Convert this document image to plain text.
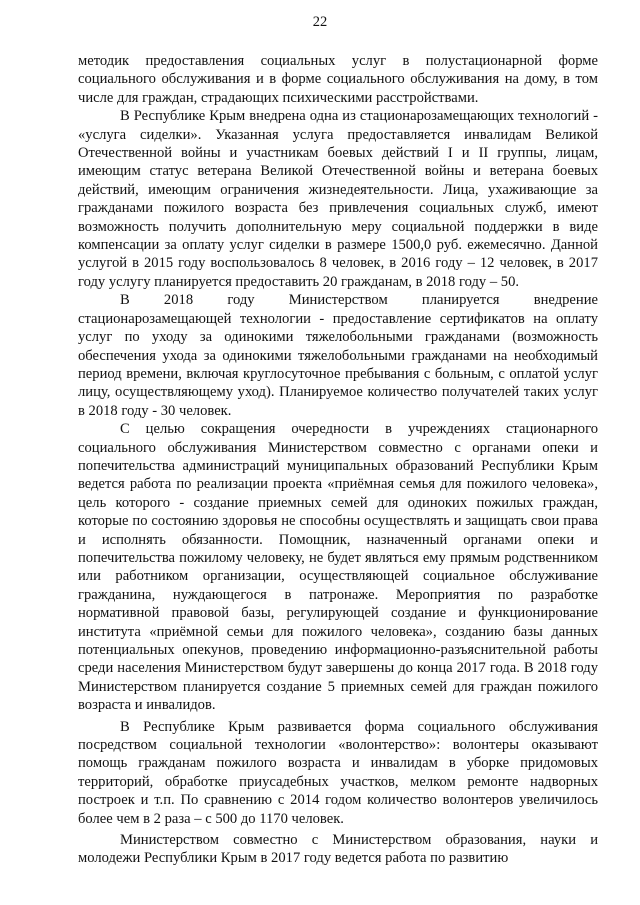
22

методик предоставления социальных услуг в полустационарной форме социального обслуживания и в форме социального обслуживания на дому, в том числе для граждан, страдающих психическими расстройствами.

В Республике Крым внедрена одна из стационарозамещающих технологий - «услуга сиделки». Указанная услуга предоставляется инвалидам Великой Отечественной войны и участникам боевых действий I и II группы, лицам, имеющим статус ветерана Великой Отечественной войны и ветерана боевых действий, имеющим ограничения жизнедеятельности. Лица, ухаживающие за гражданами пожилого возраста без привлечения социальных служб, имеют возможность получить дополнительную меру социальной поддержки в виде компенсации за оплату услуг сиделки в размере 1500,0 руб. ежемесячно. Данной услугой в 2015 году воспользовалось 8 человек, в 2016 году – 12 человек, в 2017 году услугу планируется предоставить 20 гражданам, в 2018 году – 50.

В 2018 году Министерством планируется внедрение стационарозамещающей технологии - предоставление сертификатов на оплату услуг по уходу за одинокими тяжелобольными гражданами (возможность обеспечения ухода за одинокими тяжелобольными гражданами на необходимый период времени, включая круглосуточное пребывания с больным, с оплатой услуг лицу, осуществляющему уход). Планируемое количество получателей таких услуг в 2018 году - 30 человек.

С целью сокращения очередности в учреждениях стационарного социального обслуживания Министерством совместно с органами опеки и попечительства администраций муниципальных образований Республики Крым ведется работа по реализации проекта «приёмная семья для пожилого человека», цель которого - создание приемных семей для одиноких пожилых граждан, которые по состоянию здоровья не способны осуществлять и защищать свои права и исполнять обязанности. Помощник, назначенный органами опеки и попечительства пожилому человеку, не будет являться ему прямым родственником или работником организации, осуществляющей социальное обслуживание гражданина, нуждающегося в патронаже. Мероприятия по разработке нормативной правовой базы, регулирующей создание и функционирование института «приёмной семьи для пожилого человека», созданию базы данных потенциальных опекунов, проведению информационно-разъяснительной работы среди населения Министерством будут завершены до конца 2017 года. В 2018 году Министерством планируется создание 5 приемных семей для граждан пожилого возраста и инвалидов.

В Республике Крым развивается форма социального обслуживания посредством социальной технологии «волонтерство»: волонтеры оказывают помощь гражданам пожилого возраста и инвалидам в уборке придомовых территорий, обработке приусадебных участков, мелком ремонте надворных построек и т.п. По сравнению с 2014 годом количество волонтеров увеличилось более чем в 2 раза – с 500 до 1170 человек.

Министерством совместно с Министерством образования, науки и молодежи Республики Крым в 2017 году ведется работа по развитию
